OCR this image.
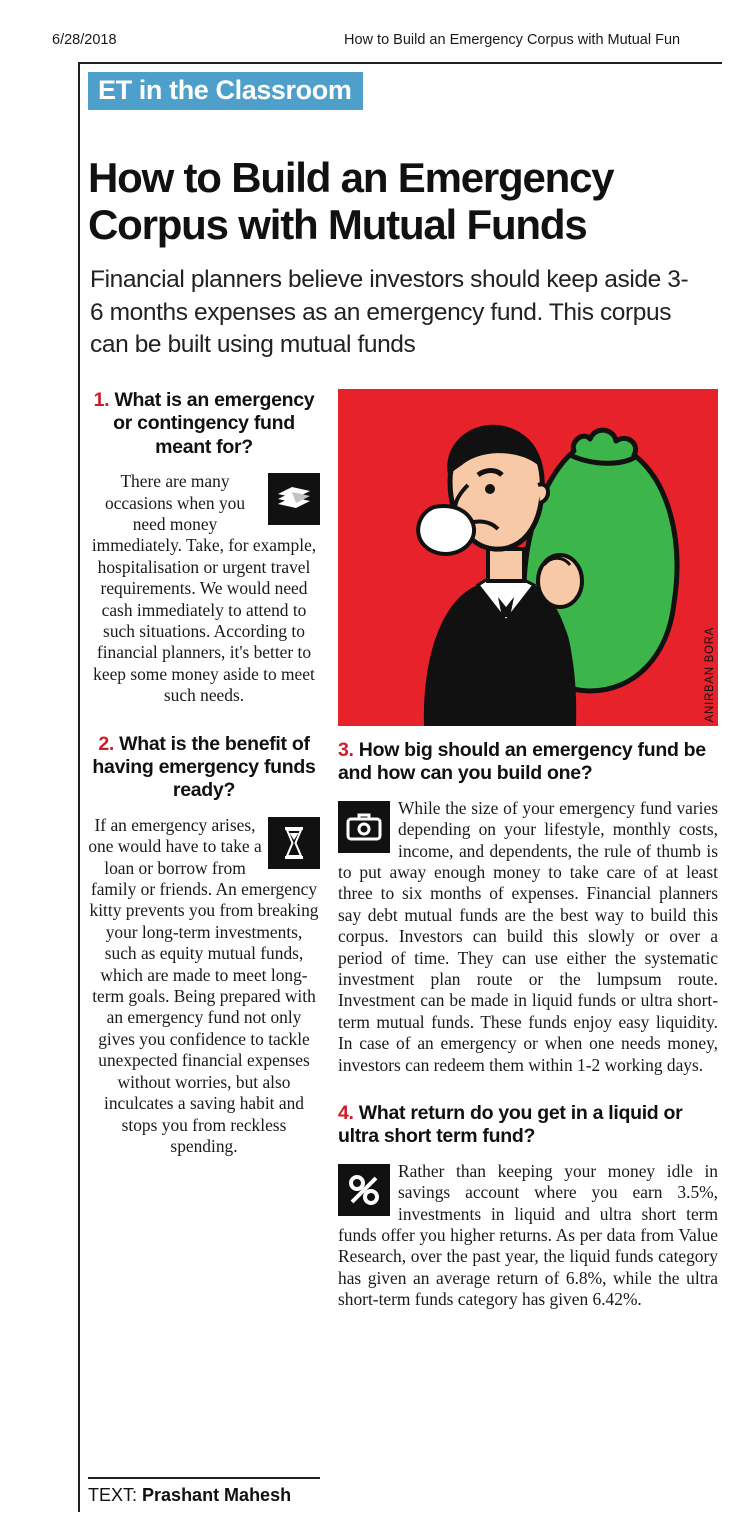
6/28/2018	How to Build an Emergency Corpus with Mutual Fun
ET in the Classroom
How to Build an Emergency Corpus with Mutual Funds
Financial planners believe investors should keep aside 3-6 months expenses as an emergency fund. This corpus can be built using mutual funds
1. What is an emergency or contingency fund meant for?

There are many occasions when you need money immediately. Take, for example, hospitalisation or urgent travel requirements. We would need cash immediately to attend to such situations. According to financial planners, it's better to keep some money aside to meet such needs.

2. What is the benefit of having emergency funds ready?

If an emergency arises, one would have to take a loan or borrow from family or friends. An emergency kitty prevents you from breaking your long-term investments, such as equity mutual funds, which are made to meet long-term goals. Being prepared with an emergency fund not only gives you confidence to tackle unexpected financial expenses without worries, but also inculcates a saving habit and stops you from reckless spending.

ANIRBAN BORA
3. How big should an emergency fund be and how can you build one?

While the size of your emergency fund varies depending on your lifestyle, monthly costs, income, and dependents, the rule of thumb is to put away enough money to take care of at least three to six months of expenses. Financial planners say debt mutual funds are the best way to build this corpus. Investors can build this slowly or over a period of time. They can use either the systematic investment plan route or the lumpsum route. Investment can be made in liquid funds or ultra short-term mutual funds. These funds enjoy easy liquidity. In case of an emergency or when one needs money, investors can redeem them within 1-2 working days.

4. What return do you get in a liquid or ultra short term fund?

Rather than keeping your money idle in savings account where you earn 3.5%, investments in liquid and ultra short term funds offer you higher returns. As per data from Value Research, over the past year, the liquid funds category has given an average return of 6.8%, while the ultra short-term funds category has given 6.42%.

TEXT: Prashant Mahesh
